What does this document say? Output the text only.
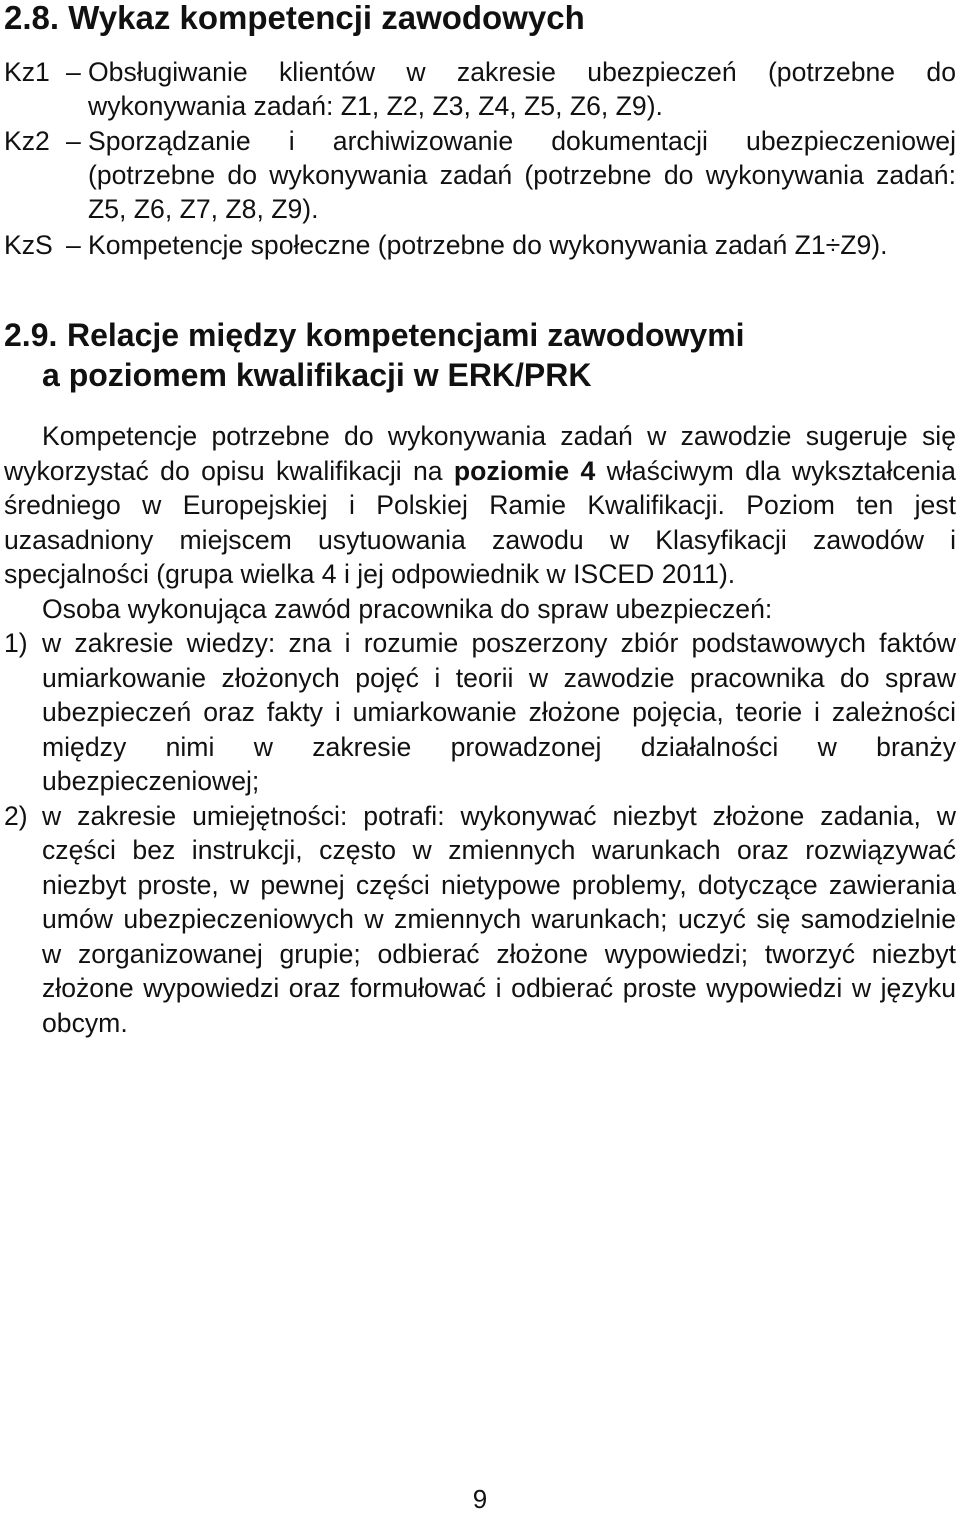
2.8. Wykaz kompetencji zawodowych
Kz1 – Obsługiwanie klientów w zakresie ubezpieczeń (potrzebne do wykonywania zadań: Z1, Z2, Z3, Z4, Z5, Z6, Z9).
Kz2 – Sporządzanie i archiwizowanie dokumentacji ubezpieczeniowej (potrzebne do wykonywania zadań (potrzebne do wykonywania zadań: Z5, Z6, Z7, Z8, Z9).
KzS – Kompetencje społeczne (potrzebne do wykonywania zadań Z1÷Z9).
2.9. Relacje między kompetencjami zawodowymi
a poziomem kwalifikacji w ERK/PRK

Kompetencje potrzebne do wykonywania zadań w zawodzie sugeruje się wykorzystać do opisu kwalifikacji na poziomie 4 właściwym dla wykształcenia średniego w Europejskiej i Polskiej Ramie Kwalifikacji. Poziom ten jest uzasadniony miejscem usytuowania zawodu w Klasyfikacji zawodów i specjalności (grupa wielka 4 i jej odpowiednik w ISCED 2011).

Osoba wykonująca zawód pracownika do spraw ubezpieczeń:

1) w zakresie wiedzy: zna i rozumie poszerzony zbiór podstawowych faktów umiarkowanie złożonych pojęć i teorii w zawodzie pracownika do spraw ubezpieczeń oraz fakty i umiarkowanie złożone pojęcia, teorie i zależności między nimi w zakresie prowadzonej działalności w branży ubezpieczeniowej;
2) w zakresie umiejętności: potrafi: wykonywać niezbyt złożone zadania, w części bez instrukcji, często w zmiennych warunkach oraz rozwiązywać niezbyt proste, w pewnej części nietypowe problemy, dotyczące zawierania umów ubezpieczeniowych w zmiennych warunkach; uczyć się samodzielnie w zorganizowanej grupie; odbierać złożone wypowiedzi; tworzyć niezbyt złożone wypowiedzi oraz formułować i odbierać proste wypowiedzi w języku obcym.
9
